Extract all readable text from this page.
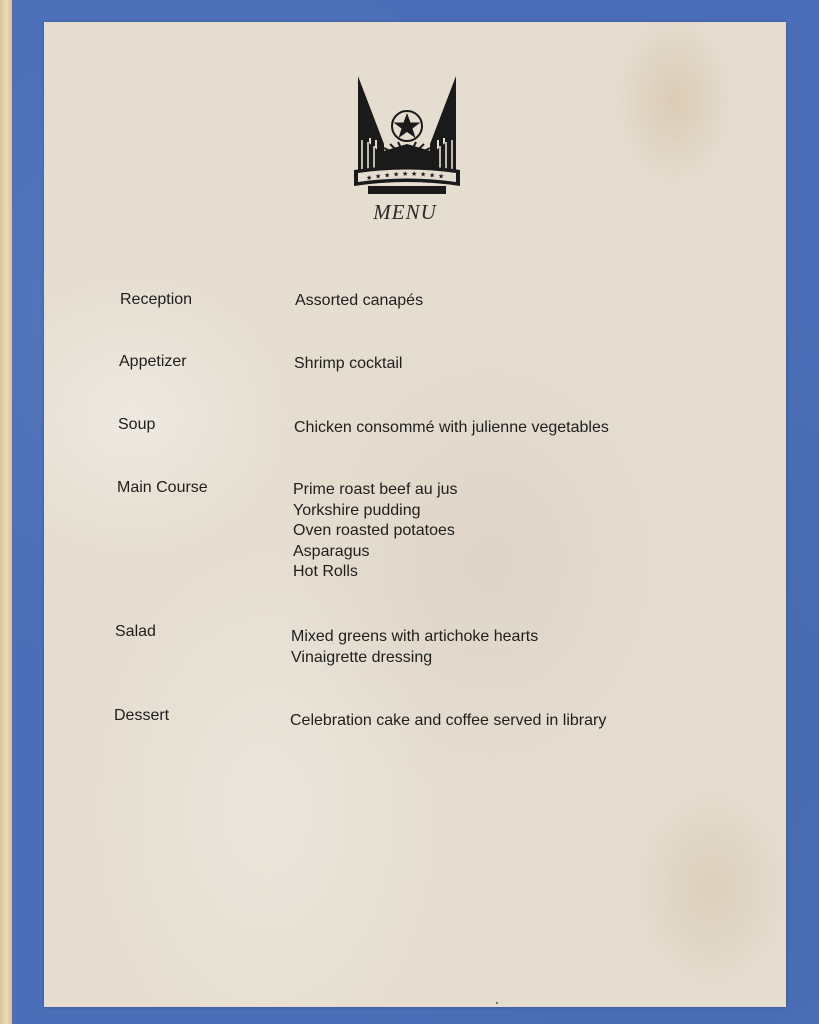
★ ★ ★ ★ ★ ★ ★ ★ ★
MENU
Reception	Assorted canapés
Appetizer	Shrimp cocktail
Soup	Chicken consommé with julienne vegetables
Main Course	Prime roast beef au jus
Yorkshire pudding
Oven roasted potatoes
Asparagus
Hot Rolls
Salad	Mixed greens with artichoke hearts
Vinaigrette dressing
Dessert	Celebration cake and coffee served in library
